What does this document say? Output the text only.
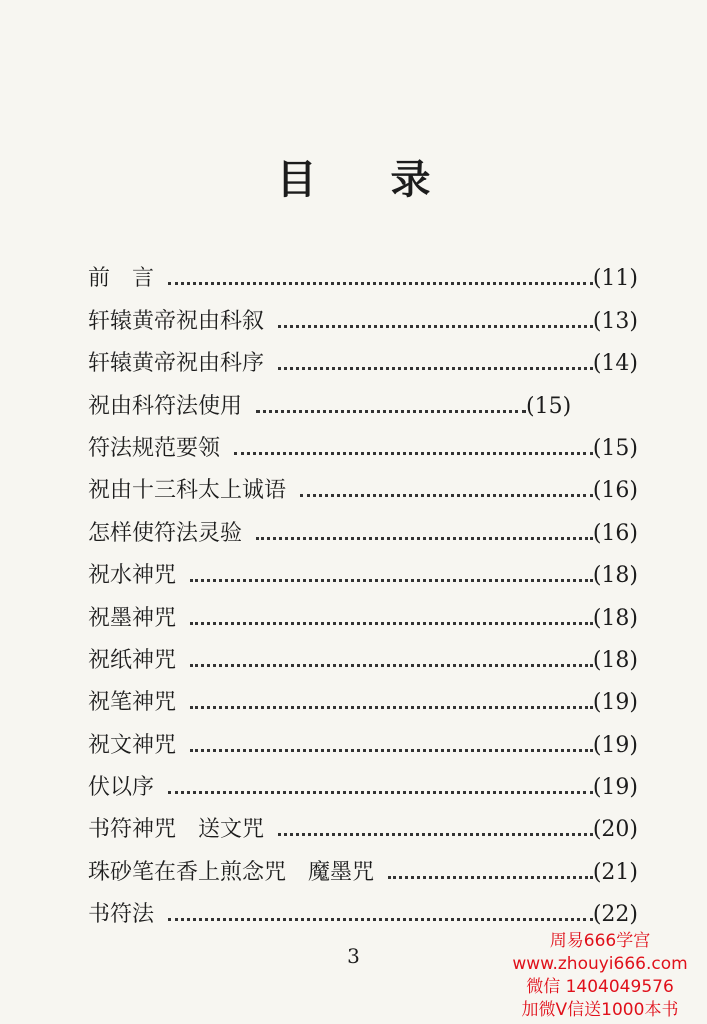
目 录
前　言	(11)
轩辕黄帝祝由科叙	(13)
轩辕黄帝祝由科序	(14)
祝由科符法使用	(15)
符法规范要领	(15)
祝由十三科太上诚语	(16)
怎样使符法灵验	(16)
祝水神咒	(18)
祝墨神咒	(18)
祝纸神咒	(18)
祝笔神咒	(19)
祝文神咒	(19)
伏以序	(19)
书符神咒　送文咒	(20)
珠砂笔在香上煎念咒　魔墨咒	(21)
书符法	(22)
3
周易666学宫
www.zhouyi666.com
微信 1404049576
加微V信送1000本书
